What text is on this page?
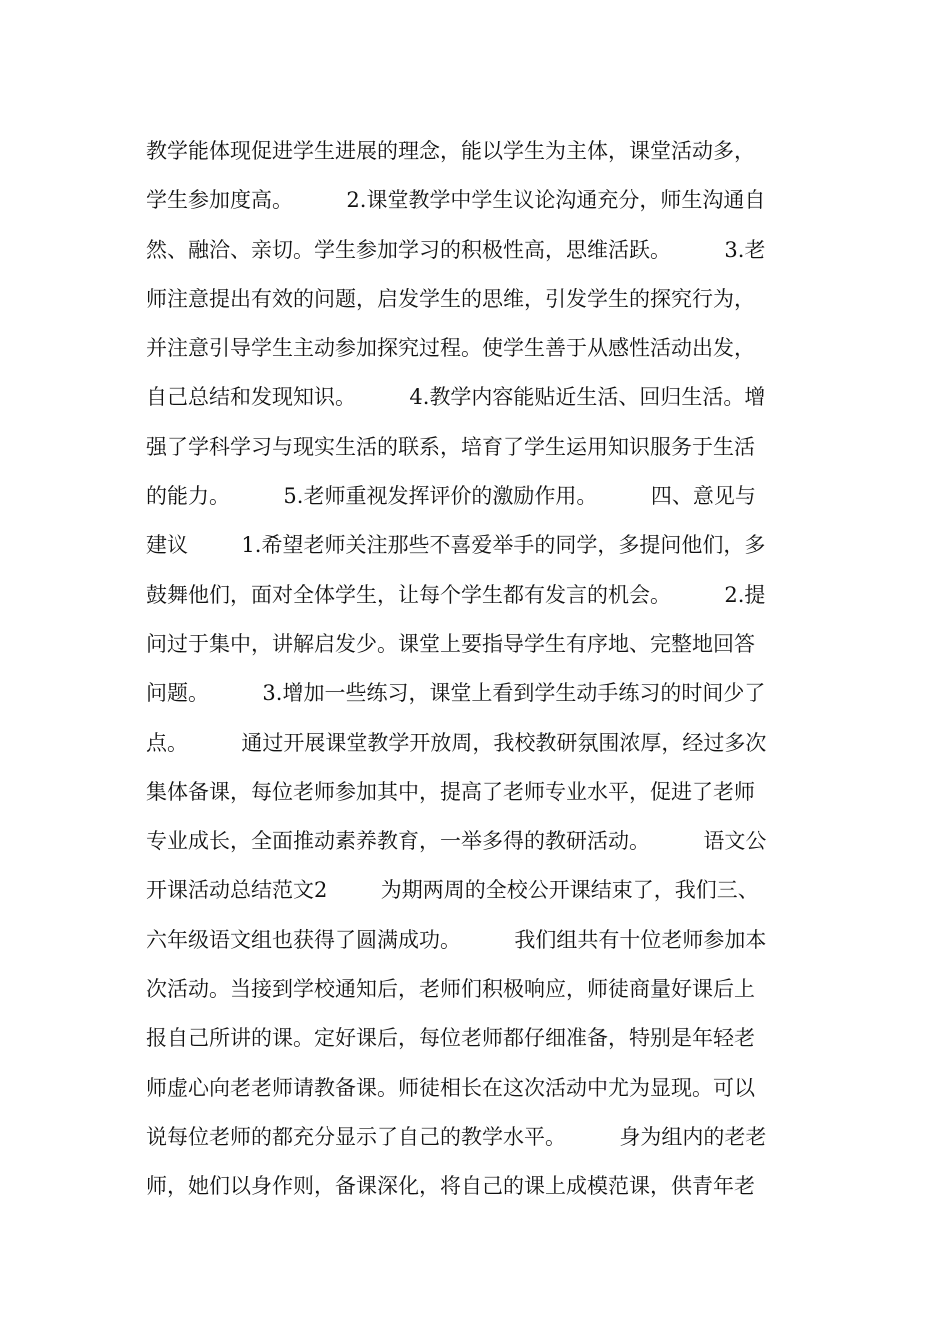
教学能体现促进学生进展的理念，能以学生为主体，课堂活动多，
学生参加度高。        2.课堂教学中学生议论沟通充分，师生沟通自
然、融洽、亲切。学生参加学习的积极性高，思维活跃。        3.老
师注意提出有效的问题，启发学生的思维，引发学生的探究行为，
并注意引导学生主动参加探究过程。使学生善于从感性活动出发，
自己总结和发现知识。        4.教学内容能贴近生活、回归生活。增
强了学科学习与现实生活的联系，培育了学生运用知识服务于生活
的能力。        5.老师重视发挥评价的激励作用。        四、意见与
建议        1.希望老师关注那些不喜爱举手的同学，多提问他们，多
鼓舞他们，面对全体学生，让每个学生都有发言的机会。        2.提
问过于集中，讲解启发少。课堂上要指导学生有序地、完整地回答
问题。        3.增加一些练习，课堂上看到学生动手练习的时间少了
点。        通过开展课堂教学开放周，我校教研氛围浓厚，经过多次
集体备课，每位老师参加其中，提高了老师专业水平，促进了老师
专业成长，全面推动素养教育，一举多得的教研活动。        语文公
开课活动总结范文2        为期两周的全校公开课结束了，我们三、
六年级语文组也获得了圆满成功。        我们组共有十位老师参加本
次活动。当接到学校通知后，老师们积极响应，师徒商量好课后上
报自己所讲的课。定好课后，每位老师都仔细准备，特别是年轻老
师虚心向老老师请教备课。师徒相长在这次活动中尤为显现。可以
说每位老师的都充分显示了自己的教学水平。        身为组内的老老
师，她们以身作则，备课深化，将自己的课上成模范课，供青年老
